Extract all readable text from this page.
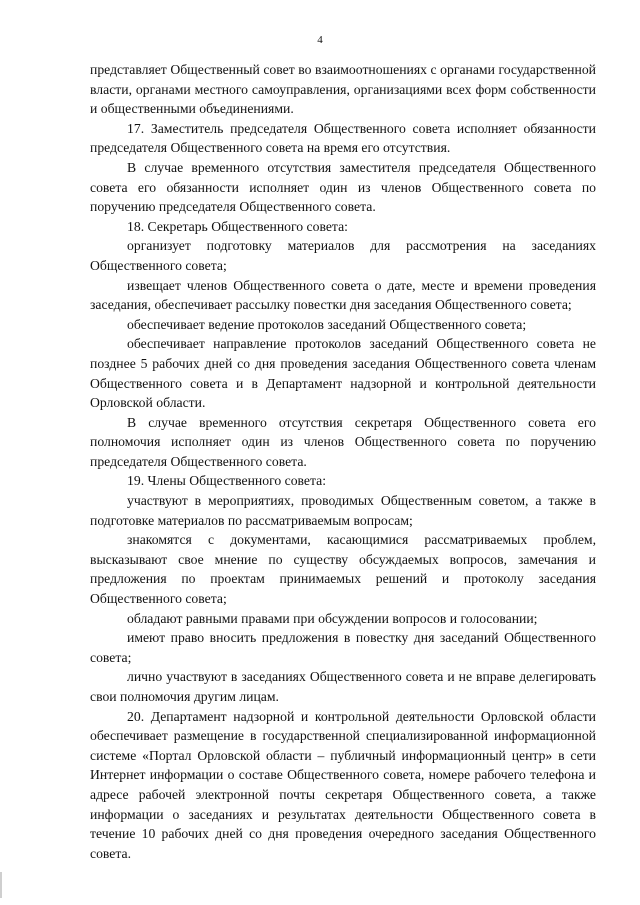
4

представляет Общественный совет во взаимоотношениях с органами государственной власти, органами местного самоуправления, организациями всех форм собственности и общественными объединениями.

17. Заместитель председателя Общественного совета исполняет обязанности председателя Общественного совета на время его отсутствия.

В случае временного отсутствия заместителя председателя Общественного совета его обязанности исполняет один из членов Общественного совета по поручению председателя Общественного совета.

18. Секретарь Общественного совета:

организует подготовку материалов для рассмотрения на заседаниях Общественного совета;

извещает членов Общественного совета о дате, месте и времени проведения заседания, обеспечивает рассылку повестки дня заседания Общественного совета;

обеспечивает ведение протоколов заседаний Общественного совета;

обеспечивает направление протоколов заседаний Общественного совета не позднее 5 рабочих дней со дня проведения заседания Общественного совета членам Общественного совета и в Департамент надзорной и контрольной деятельности Орловской области.

В случае временного отсутствия секретаря Общественного совета его полномочия исполняет один из членов Общественного совета по поручению председателя Общественного совета.

19. Члены Общественного совета:

участвуют в мероприятиях, проводимых Общественным советом, а также в подготовке материалов по рассматриваемым вопросам;

знакомятся с документами, касающимися рассматриваемых проблем, высказывают свое мнение по существу обсуждаемых вопросов, замечания и предложения по проектам принимаемых решений и протоколу заседания Общественного совета;

обладают равными правами при обсуждении вопросов и голосовании;

имеют право вносить предложения в повестку дня заседаний Общественного совета;

лично участвуют в заседаниях Общественного совета и не вправе делегировать свои полномочия другим лицам.

20. Департамент надзорной и контрольной деятельности Орловской области обеспечивает размещение в государственной специализированной информационной системе «Портал Орловской области – публичный информационный центр» в сети Интернет информации о составе Общественного совета, номере рабочего телефона и адресе рабочей электронной почты секретаря Общественного совета, а также информации о заседаниях и результатах деятельности Общественного совета в течение 10 рабочих дней со дня проведения очередного заседания Общественного совета.
